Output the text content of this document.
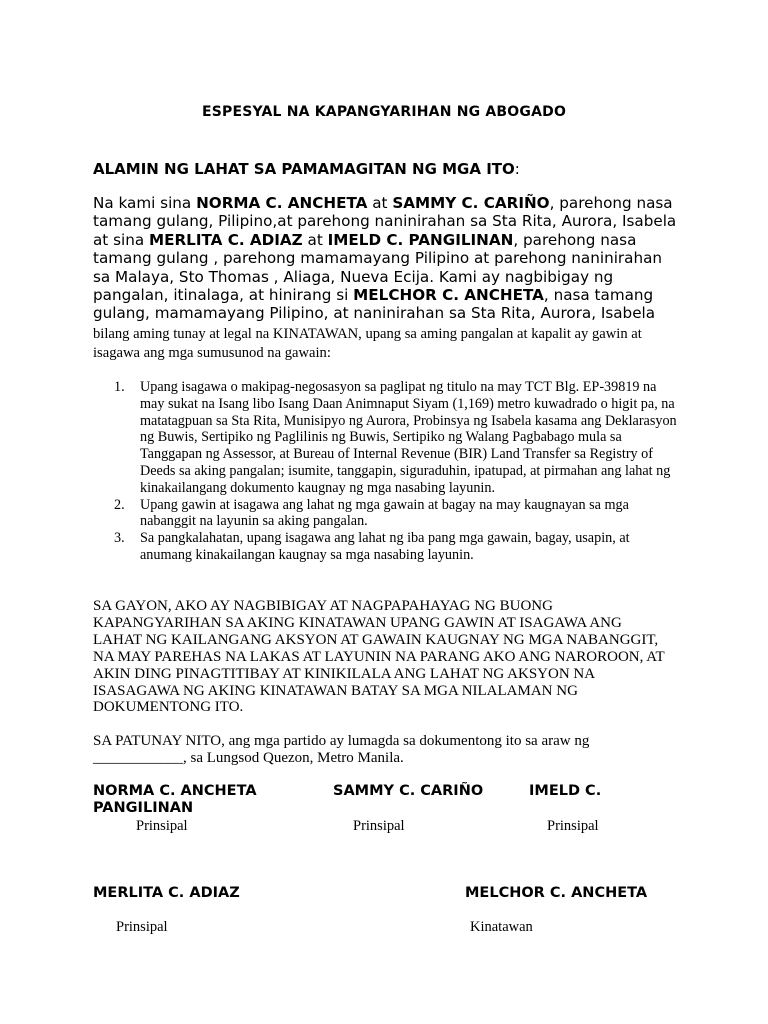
ESPESYAL NA KAPANGYARIHAN NG ABOGADO
ALAMIN NG LAHAT SA PAMAMAGITAN NG MGA ITO:
Na kami sina NORMA C. ANCHETA at SAMMY C. CARIÑO, parehong nasa tamang gulang, Pilipino,at parehong naninirahan sa Sta Rita, Aurora, Isabela at sina MERLITA C. ADIAZ at IMELD C. PANGILINAN, parehong nasa tamang gulang , parehong mamamayang Pilipino at parehong naninirahan sa Malaya, Sto Thomas , Aliaga, Nueva Ecija. Kami ay nagbibigay ng pangalan, itinalaga, at hinirang si MELCHOR C. ANCHETA, nasa tamang gulang, mamamayang Pilipino, at naninirahan sa Sta Rita, Aurora, Isabela bilang aming tunay at legal na KINATAWAN, upang sa aming pangalan at kapalit ay gawin at isagawa ang mga sumusunod na gawain:
1. Upang isagawa o makipag-negosasyon sa paglipat ng titulo na may TCT Blg. EP-39819 na may sukat na Isang libo Isang Daan Animnaput Siyam (1,169) metro kuwadrado o higit pa, na matatagpuan sa Sta Rita, Munisipyo ng Aurora, Probinsya ng Isabela kasama ang Deklarasyon ng Buwis, Sertipiko ng Paglilinis ng Buwis, Sertipiko ng Walang Pagbabago mula sa Tanggapan ng Assessor, at Bureau of Internal Revenue (BIR) Land Transfer sa Registry of Deeds sa aking pangalan; isumite, tanggapin, siguraduhin, ipatupad, at pirmahan ang lahat ng kinakailangang dokumento kaugnay ng mga nasabing layunin.
2. Upang gawin at isagawa ang lahat ng mga gawain at bagay na may kaugnayan sa mga nabanggit na layunin sa aking pangalan.
3. Sa pangkalahatan, upang isagawa ang lahat ng iba pang mga gawain, bagay, usapin, at anumang kinakailangan kaugnay sa mga nasabing layunin.
SA GAYON, AKO AY NAGBIBIGAY AT NAGPAPAHAYAG NG BUONG KAPANGYARIHAN SA AKING KINATAWAN UPANG GAWIN AT ISAGAWA ANG LAHAT NG KAILANGANG AKSYON AT GAWAIN KAUGNAY NG MGA NABANGGIT, NA MAY PAREHAS NA LAKAS AT LAYUNIN NA PARANG AKO ANG NAROROON, AT AKIN DING PINAGTITIBAY AT KINIKILALA ANG LAHAT NG AKSYON NA ISASAGAWA NG AKING KINATAWAN BATAY SA MGA NILALAMAN NG DOKUMENTONG ITO.
SA PATUNAY NITO, ang mga partido ay lumagda sa dokumentong ito sa araw ng ____________, sa Lungsod Quezon, Metro Manila.
NORMA C. ANCHETA	SAMMY C. CARIÑO	IMELD C.
PANGILINAN
Prinsipal	Prinsipal	Prinsipal
MERLITA C. ADIAZ	MELCHOR C. ANCHETA
Prinsipal	Kinatawan
